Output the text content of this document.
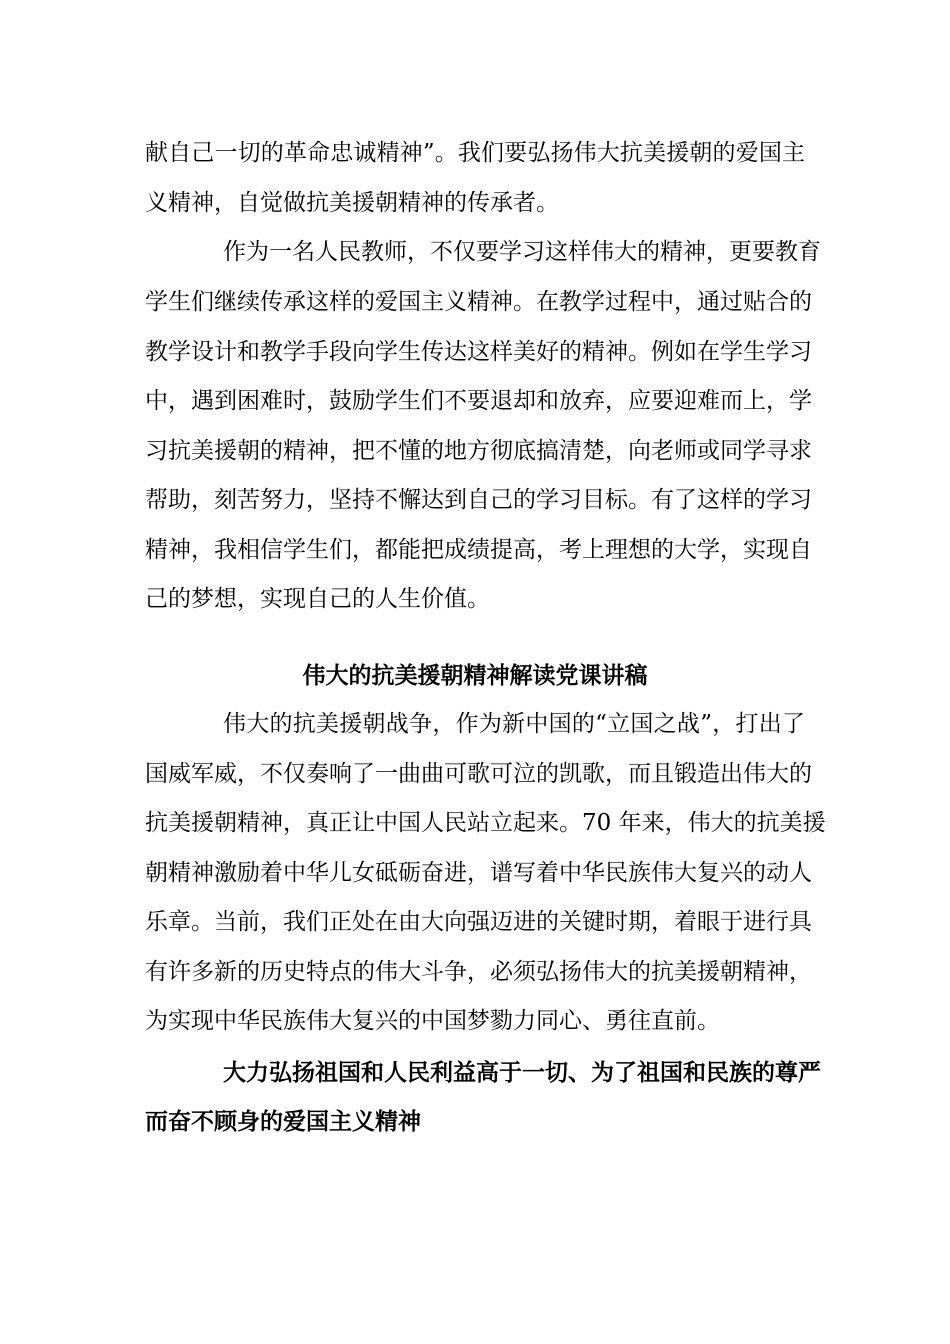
献自己一切的革命忠诚精神”。我们要弘扬伟大抗美援朝的爱国主
义精神，自觉做抗美援朝精神的传承者。
作为一名人民教师，不仅要学习这样伟大的精神，更要教育
学生们继续传承这样的爱国主义精神。在教学过程中，通过贴合的
教学设计和教学手段向学生传达这样美好的精神。例如在学生学习
中，遇到困难时，鼓励学生们不要退却和放弃，应要迎难而上，学
习抗美援朝的精神，把不懂的地方彻底搞清楚，向老师或同学寻求
帮助，刻苦努力，坚持不懈达到自己的学习目标。有了这样的学习
精神，我相信学生们，都能把成绩提高，考上理想的大学，实现自
己的梦想，实现自己的人生价值。
伟大的抗美援朝精神解读党课讲稿
伟大的抗美援朝战争，作为新中国的“立国之战”，打出了
国威军威，不仅奏响了一曲曲可歌可泣的凯歌，而且锻造出伟大的
抗美援朝精神，真正让中国人民站立起来。70 年来，伟大的抗美援
朝精神激励着中华儿女砥砺奋进，谱写着中华民族伟大复兴的动人
乐章。当前，我们正处在由大向强迈进的关键时期，着眼于进行具
有许多新的历史特点的伟大斗争，必须弘扬伟大的抗美援朝精神，
为实现中华民族伟大复兴的中国梦勠力同心、勇往直前。
大力弘扬祖国和人民利益高于一切、为了祖国和民族的尊严
而奋不顾身的爱国主义精神
